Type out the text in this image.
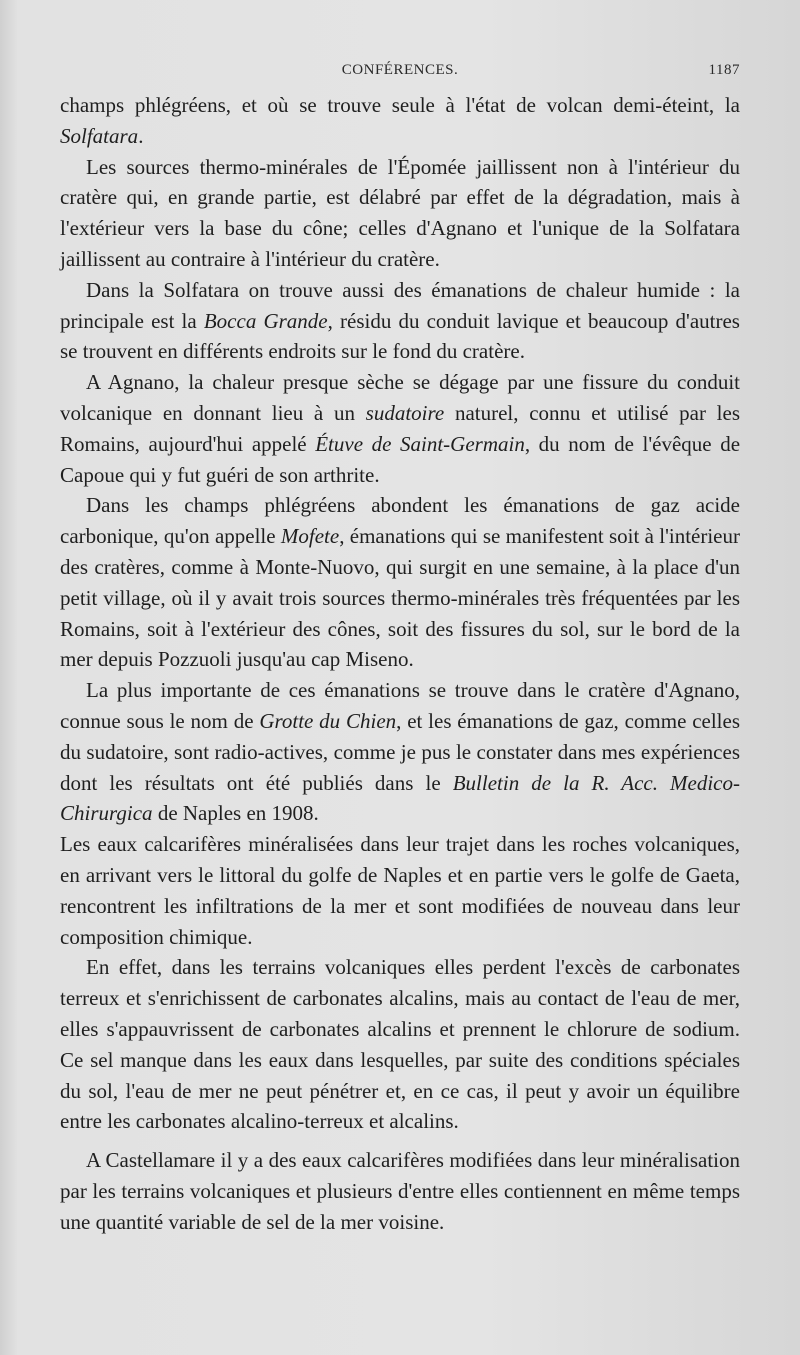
CONFÉRENCES.	1187

champs phlégréens, et où se trouve seule à l'état de volcan demi-éteint, la Solfatara.

Les sources thermo-minérales de l'Épomée jaillissent non à l'intérieur du cratère qui, en grande partie, est délabré par effet de la dégradation, mais à l'extérieur vers la base du cône; celles d'Agnano et l'unique de la Solfatara jaillissent au contraire à l'intérieur du cratère.

Dans la Solfatara on trouve aussi des émanations de chaleur humide : la principale est la Bocca Grande, résidu du conduit lavique et beaucoup d'autres se trouvent en différents endroits sur le fond du cratère.

A Agnano, la chaleur presque sèche se dégage par une fissure du conduit volcanique en donnant lieu à un sudatoire naturel, connu et utilisé par les Romains, aujourd'hui appelé Étuve de Saint-Germain, du nom de l'évêque de Capoue qui y fut guéri de son arthrite.

Dans les champs phlégréens abondent les émanations de gaz acide carbonique, qu'on appelle Mofete, émanations qui se manifestent soit à l'intérieur des cratères, comme à Monte-Nuovo, qui surgit en une semaine, à la place d'un petit village, où il y avait trois sources thermo-minérales très fréquentées par les Romains, soit à l'extérieur des cônes, soit des fissures du sol, sur le bord de la mer depuis Pozzuoli jusqu'au cap Miseno.

La plus importante de ces émanations se trouve dans le cratère d'Agnano, connue sous le nom de Grotte du Chien, et les émanations de gaz, comme celles du sudatoire, sont radio-actives, comme je pus le constater dans mes expériences dont les résultats ont été publiés dans le Bulletin de la R. Acc. Medico-Chirurgica de Naples en 1908.

Les eaux calcarifères minéralisées dans leur trajet dans les roches volcaniques, en arrivant vers le littoral du golfe de Naples et en partie vers le golfe de Gaeta, rencontrent les infiltrations de la mer et sont modifiées de nouveau dans leur composition chimique.

En effet, dans les terrains volcaniques elles perdent l'excès de carbonates terreux et s'enrichissent de carbonates alcalins, mais au contact de l'eau de mer, elles s'appauvrissent de carbonates alcalins et prennent le chlorure de sodium. Ce sel manque dans les eaux dans lesquelles, par suite des conditions spéciales du sol, l'eau de mer ne peut pénétrer et, en ce cas, il peut y avoir un équilibre entre les carbonates alcalino-terreux et alcalins.

A Castellamare il y a des eaux calcarifères modifiées dans leur minéralisation par les terrains volcaniques et plusieurs d'entre elles contiennent en même temps une quantité variable de sel de la mer voisine.
